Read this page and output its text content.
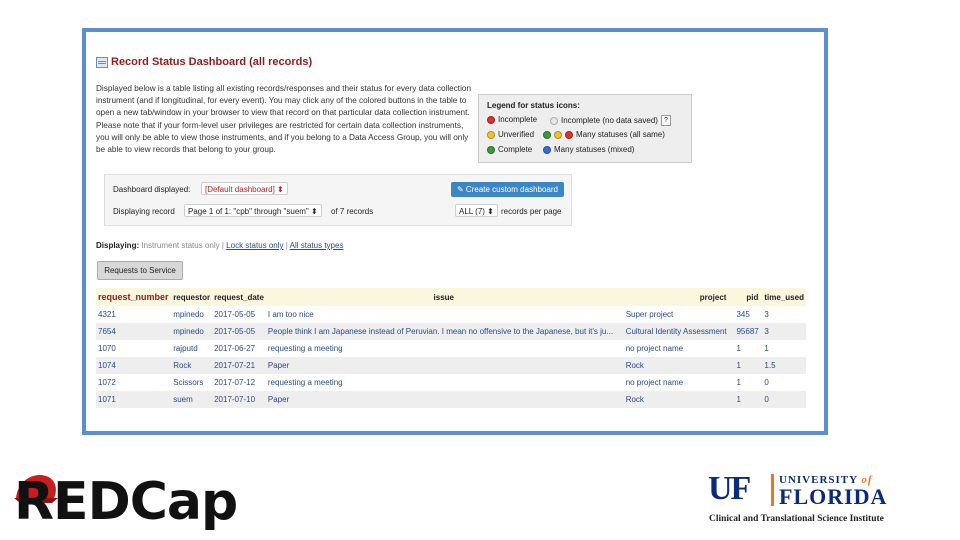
Record Status Dashboard (all records)
Displayed below is a table listing all existing records/responses and their status for every data collection instrument (and if longitudinal, for every event). You may click any of the colored buttons in the table to open a new tab/window in your browser to view that record on that particular data collection instrument. Please note that if your form-level user privileges are restricted for certain data collection instruments, you will only be able to view those instruments, and if you belong to a Data Access Group, you will only be able to view records that belong to your group.
Legend for status icons:
Incomplete	Incomplete (no data saved) ?
Unverified	Many statuses (all same)
Complete	Many statuses (mixed)
Dashboard displayed:	[Default dashboard] ⬍	✎ Create custom dashboard
Displaying record	Page 1 of 1: "cpb" through "suem" ⬍	of 7 records	ALL (7) ⬍ records per page
Displaying: Instrument status only | Lock status only | All status types
Requests to Service
request_number	requestor	request_date	issue	project	pid	time_used
4321	mpinedo	2017-05-05	I am too nice	Super project	345	3
7654	mpinedo	2017-05-05	People think I am Japanese instead of Peruvian. I mean no offensive to the Japanese, but it's ju...	Cultural Identity Assessment	95687	3
1070	rajputd	2017-06-27	requesting a meeting	no project name	1	1
1074	Rock	2017-07-21	Paper	Rock	1	1.5
1072	Scissors	2017-07-12	requesting a meeting	no project name	1	0
1071	suem	2017-07-10	Paper	Rock	1	0
REDCap	UF	UNIVERSITY of
FLORIDA
Clinical and Translational Science Institute
